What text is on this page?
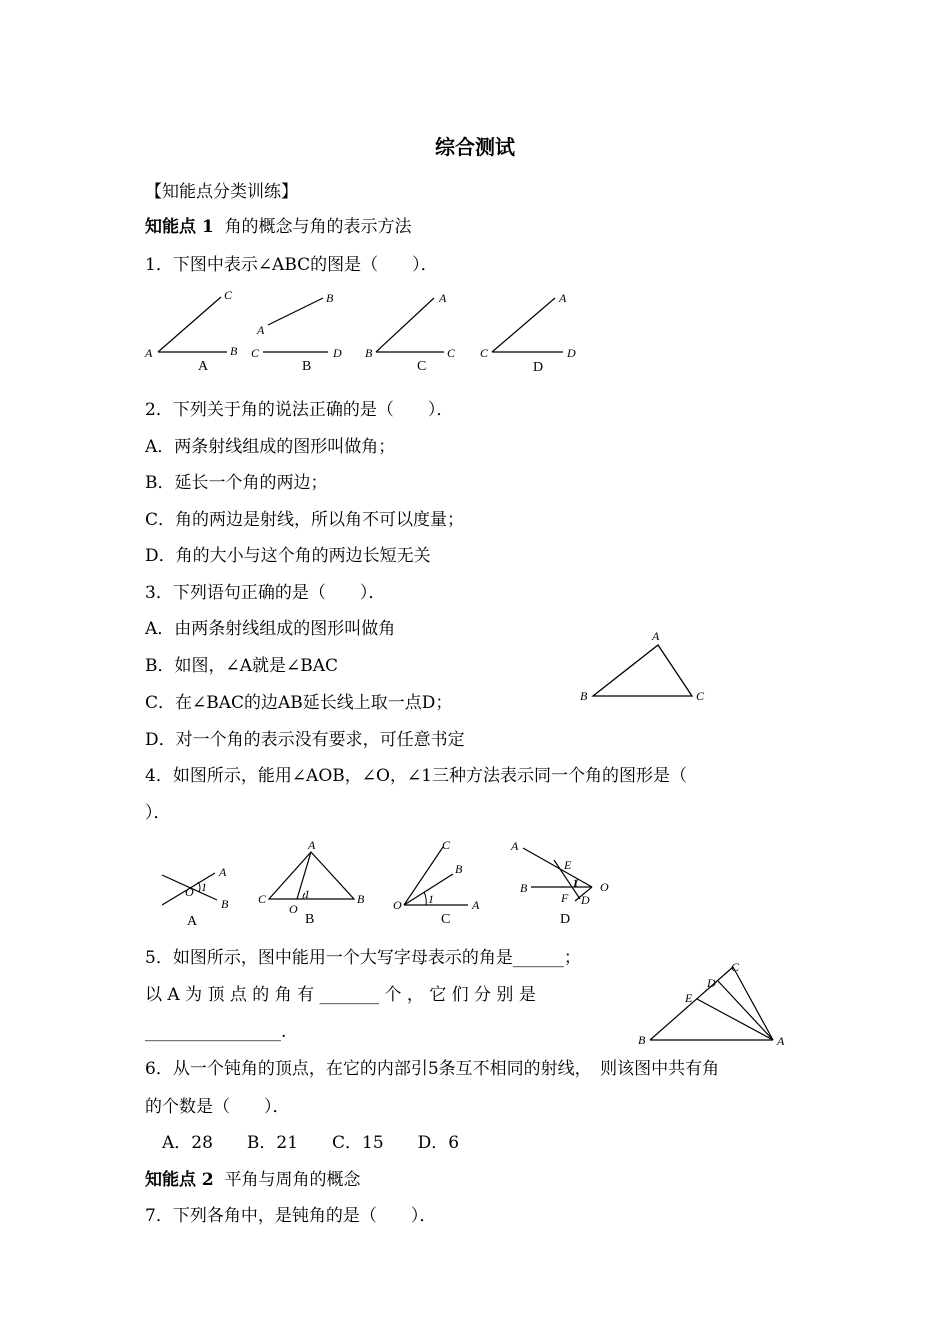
综合测试
【知能点分类训练】
知能点 1 角的概念与角的表示方法
1．下图中表示∠ABC的图是（　　）．
C
A	B
A
B
A
C	D
B
A
B	C
C
A
C	D
D
2．下列关于角的说法正确的是（　　）．
A．两条射线组成的图形叫做角；
B．延长一个角的两边；
C．角的两边是射线，所以角不可以度量；
D．角的大小与这个角的两边长短无关
3．下列语句正确的是（　　）．
A．由两条射线组成的图形叫做角
B．如图，∠A就是∠BAC
C．在∠BAC的边AB延长线上取一点D；
D．对一个角的表示没有要求，可任意书定
A
B	C
4．如图所示，能用∠AOB，∠O，∠1三种方法表示同一个角的图形是（
）．
A
O 1
B
A
A
C
O
1	B
B
C
B
O 1	A
C
A
E
B
F D
O
1
D
5．如图所示，图中能用一个大写字母表示的角是______；
以 A 为 顶 点 的 角 有 _______ 个 ， 它 们 分 别 是
________________.	B	A
E
D
C
6．从一个钝角的顶点，在它的内部引5条互不相同的射线，　则该图中共有角
的个数是（　　）．
A．28　　B．21　　C．15　　D．6
知能点 2 平角与周角的概念
7．下列各角中，是钝角的是（　　）．
